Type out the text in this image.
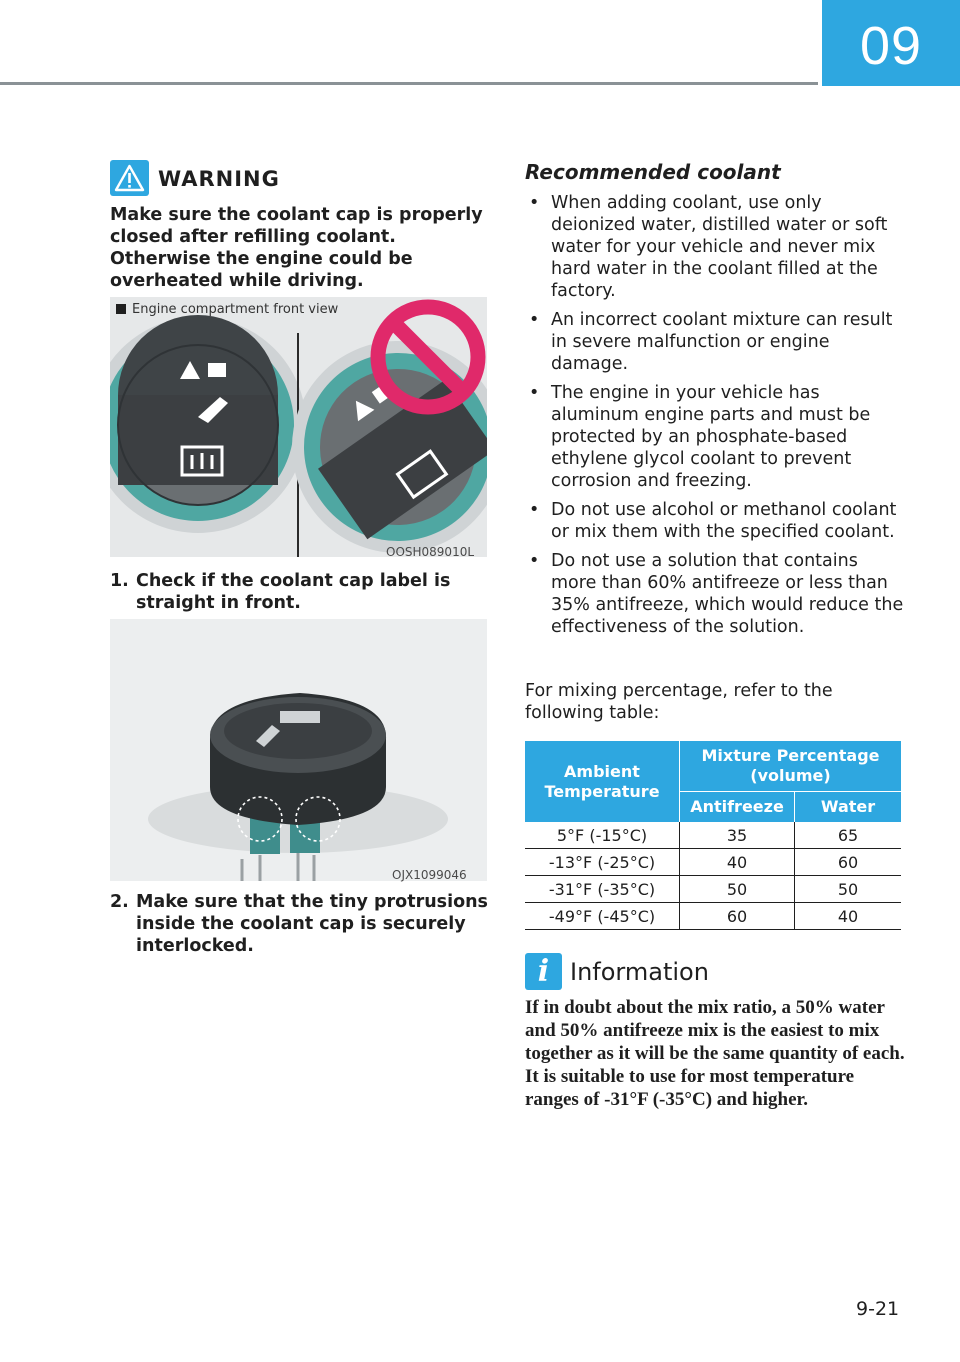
09
WARNING
Make sure the coolant cap is properly closed after refilling coolant. Otherwise the engine could be overheated while driving.
Engine compartment front view
OOSH089010L
1. Check if the coolant cap label is straight in front.
OJX1099046
2. Make sure that the tiny protrusions inside the coolant cap is securely interlocked.
Recommended coolant
• When adding coolant, use only deionized water, distilled water or soft water for your vehicle and never mix hard water in the coolant filled at the factory.
• An incorrect coolant mixture can result in severe malfunction or engine damage.
• The engine in your vehicle has aluminum engine parts and must be protected by an phosphate-based ethylene glycol coolant to prevent corrosion and freezing.
• Do not use alcohol or methanol coolant or mix them with the specified coolant.
• Do not use a solution that contains more than 60% antifreeze or less than 35% antifreeze, which would reduce the effectiveness of the solution.
For mixing percentage, refer to the following table:
Ambient Temperature	Mixture Percentage (volume)	
	Antifreeze	Water
5°F (-15°C)	35	65
-13°F (-25°C)	40	60
-31°F (-35°C)	50	50
-49°F (-45°C)	60	40
i Information
If in doubt about the mix ratio, a 50% water and 50% antifreeze mix is the easiest to mix together as it will be the same quantity of each. It is suitable to use for most temperature ranges of -31°F (-35°C) and higher.
9-21
